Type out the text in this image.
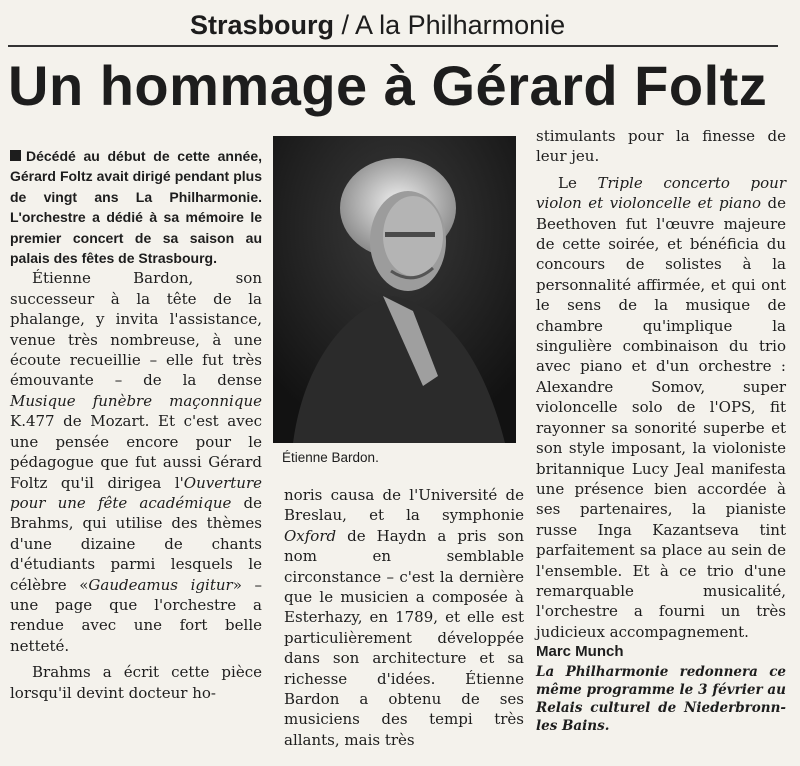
Strasbourg / A la Philharmonie
Un hommage à Gérard Foltz

Décédé au début de cette année, Gérard Foltz avait dirigé pendant plus de vingt ans La Philharmonie. L'orchestre a dédié à sa mémoire le premier concert de sa saison au palais des fêtes de Strasbourg.

Étienne Bardon, son successeur à la tête de la phalange, y invita l'assistance, venue très nombreuse, à une écoute recueillie – elle fut très émouvante – de la dense Musique funèbre maçonnique K.477 de Mozart. Et c'est avec une pensée encore pour le pédagogue que fut aussi Gérard Foltz qu'il dirigea l'Ouverture pour une fête académique de Brahms, qui utilise des thèmes d'une dizaine de chants d'étudiants parmi lesquels le célèbre «Gaudeamus igitur» – une page que l'orchestre a rendue avec une fort belle netteté.

Brahms a écrit cette pièce lorsqu'il devint docteur ho-

Étienne Bardon.

noris causa de l'Université de Breslau, et la symphonie Oxford de Haydn a pris son nom en semblable circonstance – c'est la dernière que le musicien a composée à Esterhazy, en 1789, et elle est particulièrement développée dans son architecture et sa richesse d'idées. Étienne Bardon a obtenu de ses musiciens des tempi très allants, mais très

stimulants pour la finesse de leur jeu.

Le Triple concerto pour violon et violoncelle et piano de Beethoven fut l'œuvre majeure de cette soirée, et bénéficia du concours de solistes à la personnalité affirmée, et qui ont le sens de la musique de chambre qu'implique la singulière combinaison du trio avec piano et d'un orchestre : Alexandre Somov, super violoncelle solo de l'OPS, fit rayonner sa sonorité superbe et son style imposant, la violoniste britannique Lucy Jeal manifesta une présence bien accordée à ses partenaires, la pianiste russe Inga Kazantseva tint parfaitement sa place au sein de l'ensemble. Et à ce trio d'une remarquable musicalité, l'orchestre a fourni un très judicieux accompagnement.

Marc Munch

La Philharmonie redonnera ce même programme le 3 février au Relais culturel de Niederbronn-les Bains.
